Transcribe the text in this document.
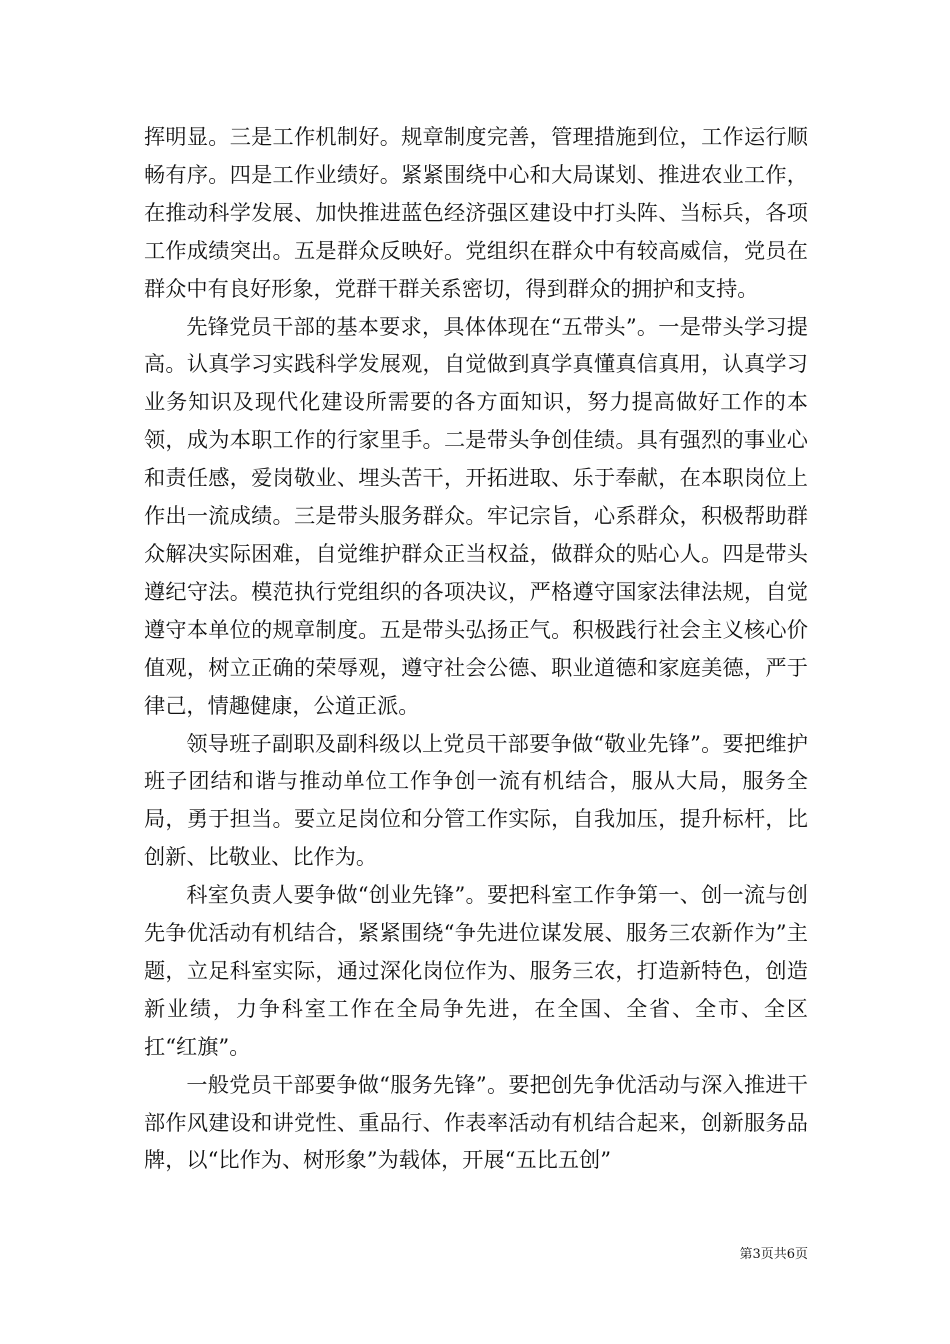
挥明显。三是工作机制好。规章制度完善，管理措施到位，工作运行顺畅有序。四是工作业绩好。紧紧围绕中心和大局谋划、推进农业工作，在推动科学发展、加快推进蓝色经济强区建设中打头阵、当标兵，各项工作成绩突出。五是群众反映好。党组织在群众中有较高威信，党员在群众中有良好形象，党群干群关系密切，得到群众的拥护和支持。

先锋党员干部的基本要求，具体体现在“五带头”。一是带头学习提高。认真学习实践科学发展观，自觉做到真学真懂真信真用，认真学习业务知识及现代化建设所需要的各方面知识，努力提高做好工作的本领，成为本职工作的行家里手。二是带头争创佳绩。具有强烈的事业心和责任感，爱岗敬业、埋头苦干，开拓进取、乐于奉献，在本职岗位上作出一流成绩。三是带头服务群众。牢记宗旨，心系群众，积极帮助群众解决实际困难，自觉维护群众正当权益，做群众的贴心人。四是带头遵纪守法。模范执行党组织的各项决议，严格遵守国家法律法规，自觉遵守本单位的规章制度。五是带头弘扬正气。积极践行社会主义核心价值观，树立正确的荣辱观，遵守社会公德、职业道德和家庭美德，严于律己，情趣健康，公道正派。

领导班子副职及副科级以上党员干部要争做“敬业先锋”。要把维护班子团结和谐与推动单位工作争创一流有机结合，服从大局，服务全局，勇于担当。要立足岗位和分管工作实际，自我加压，提升标杆，比创新、比敬业、比作为。

科室负责人要争做“创业先锋”。要把科室工作争第一、创一流与创先争优活动有机结合，紧紧围绕“争先进位谋发展、服务三农新作为”主题，立足科室实际，通过深化岗位作为、服务三农，打造新特色，创造新业绩，力争科室工作在全局争先进，在全国、全省、全市、全区扛“红旗”。

一般党员干部要争做“服务先锋”。要把创先争优活动与深入推进干部作风建设和讲党性、重品行、作表率活动有机结合起来，创新服务品牌，以“比作为、树形象”为载体，开展“五比五创”

第3页共6页
